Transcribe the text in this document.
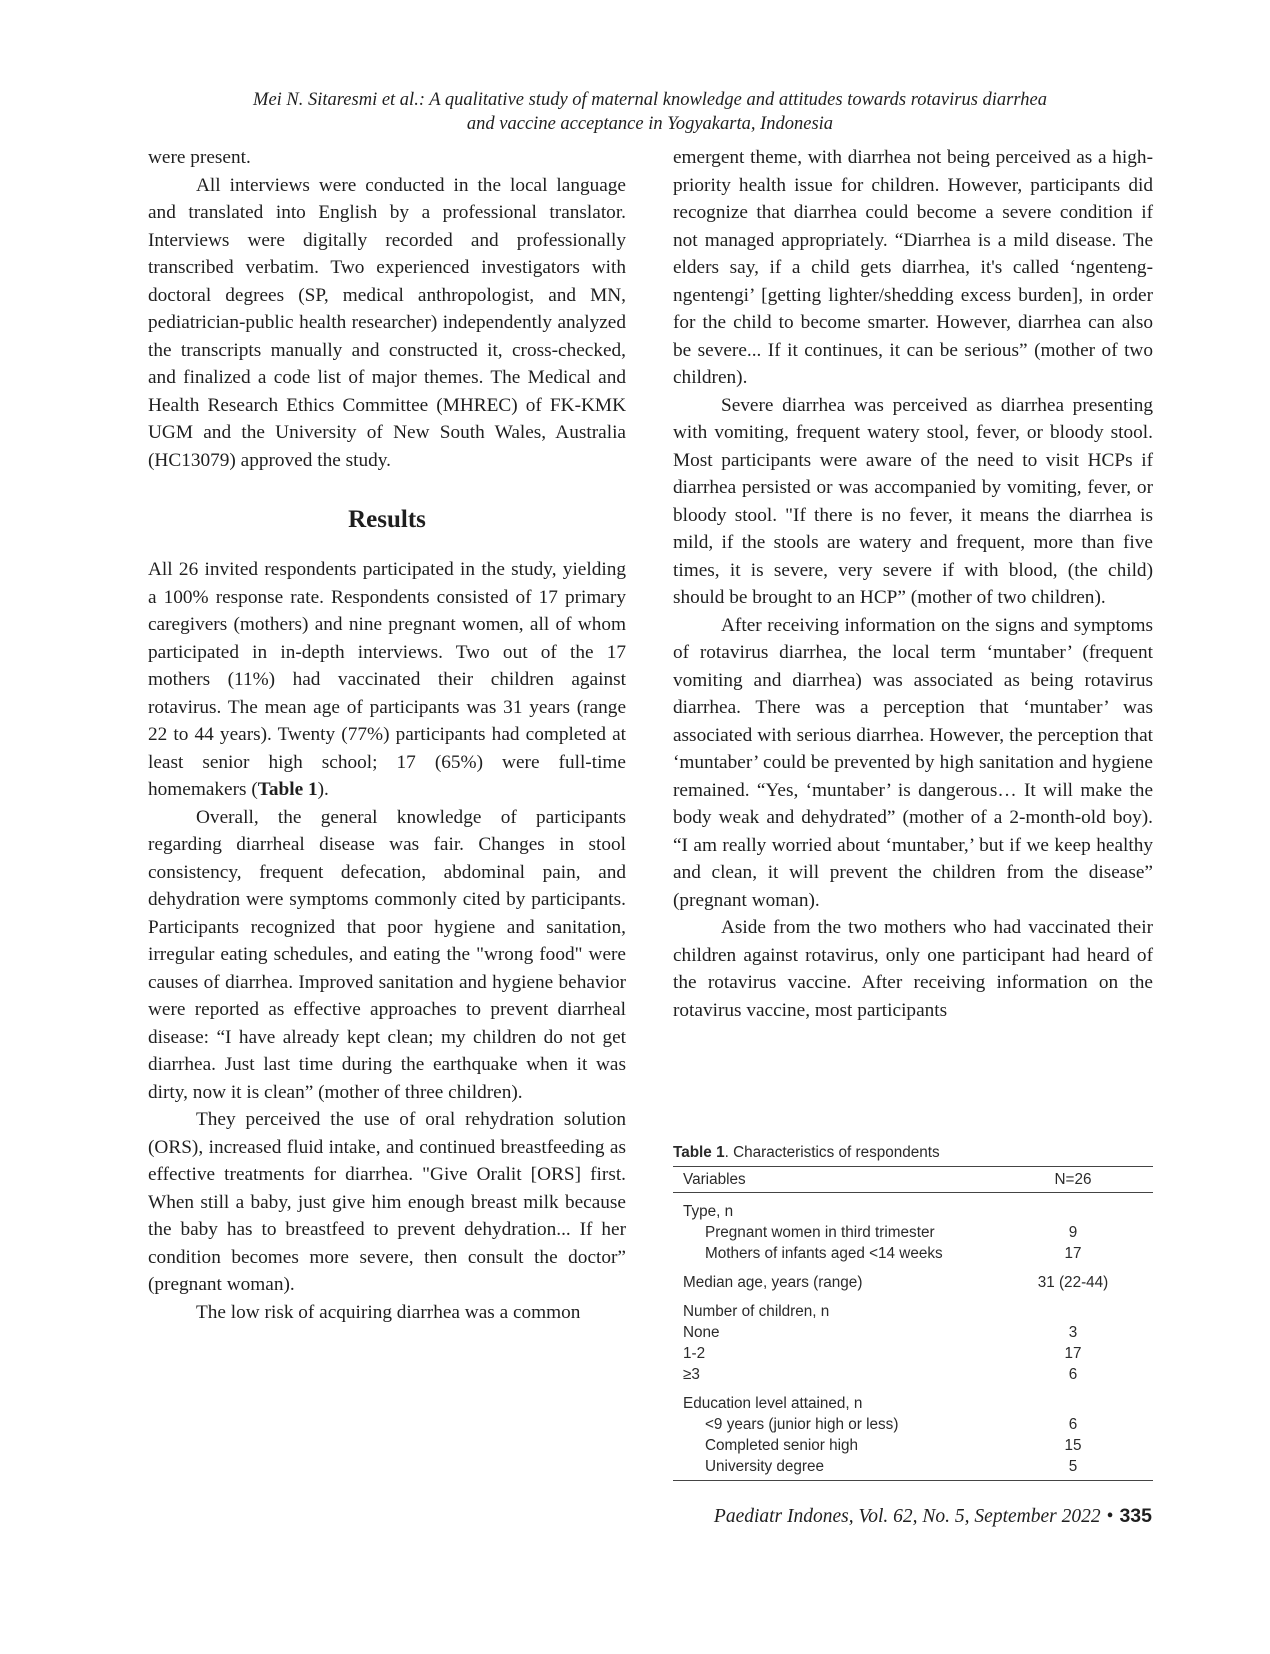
Mei N. Sitaresmi et al.: A qualitative study of maternal knowledge and attitudes towards rotavirus diarrhea
and vaccine acceptance in Yogyakarta, Indonesia

were present.

All interviews were conducted in the local language and translated into English by a professional translator. Interviews were digitally recorded and professionally transcribed verbatim. Two experienced investigators with doctoral degrees (SP, medical anthropologist, and MN, pediatrician-public health researcher) independently analyzed the transcripts manually and constructed it, cross-checked, and finalized a code list of major themes. The Medical and Health Research Ethics Committee (MHREC) of FK-KMK UGM and the University of New South Wales, Australia (HC13079) approved the study.

Results

All 26 invited respondents participated in the study, yielding a 100% response rate. Respondents consisted of 17 primary caregivers (mothers) and nine pregnant women, all of whom participated in in-depth interviews. Two out of the 17 mothers (11%) had vaccinated their children against rotavirus. The mean age of participants was 31 years (range 22 to 44 years). Twenty (77%) participants had completed at least senior high school; 17 (65%) were full-time homemakers (Table 1).

Overall, the general knowledge of participants regarding diarrheal disease was fair. Changes in stool consistency, frequent defecation, abdominal pain, and dehydration were symptoms commonly cited by participants. Participants recognized that poor hygiene and sanitation, irregular eating schedules, and eating the "wrong food" were causes of diarrhea. Improved sanitation and hygiene behavior were reported as effective approaches to prevent diarrheal disease: “I have already kept clean; my children do not get diarrhea. Just last time during the earthquake when it was dirty, now it is clean” (mother of three children).

They perceived the use of oral rehydration solution (ORS), increased fluid intake, and continued breastfeeding as effective treatments for diarrhea. "Give Oralit [ORS] first. When still a baby, just give him enough breast milk because the baby has to breastfeed to prevent dehydration... If her condition becomes more severe, then consult the doctor” (pregnant woman).

The low risk of acquiring diarrhea was a common

emergent theme, with diarrhea not being perceived as a high-priority health issue for children. However, participants did recognize that diarrhea could become a severe condition if not managed appropriately. “Diarrhea is a mild disease. The elders say, if a child gets diarrhea, it's called ‘ngenteng-ngentengi’ [getting lighter/shedding excess burden], in order for the child to become smarter. However, diarrhea can also be severe... If it continues, it can be serious” (mother of two children).

Severe diarrhea was perceived as diarrhea presenting with vomiting, frequent watery stool, fever, or bloody stool. Most participants were aware of the need to visit HCPs if diarrhea persisted or was accompanied by vomiting, fever, or bloody stool. "If there is no fever, it means the diarrhea is mild, if the stools are watery and frequent, more than five times, it is severe, very severe if with blood, (the child) should be brought to an HCP” (mother of two children).

After receiving information on the signs and symptoms of rotavirus diarrhea, the local term ‘muntaber’ (frequent vomiting and diarrhea) was associated as being rotavirus diarrhea. There was a perception that ‘muntaber’ was associated with serious diarrhea. However, the perception that ‘muntaber’ could be prevented by high sanitation and hygiene remained. “Yes, ‘muntaber’ is dangerous… It will make the body weak and dehydrated” (mother of a 2-month-old boy). “I am really worried about ‘muntaber,’ but if we keep healthy and clean, it will prevent the children from the disease” (pregnant woman).

Aside from the two mothers who had vaccinated their children against rotavirus, only one participant had heard of the rotavirus vaccine. After receiving information on the rotavirus vaccine, most participants

Table 1. Characteristics of respondents
Variables	N=26
Type, n	
Pregnant women in third trimester	9
Mothers of infants aged <14 weeks	17
Median age, years (range)	31 (22-44)
Number of children, n	
None	3
1-2	17
≥3	6
Education level attained, n	
<9 years (junior high or less)	6
Completed senior high	15
University degree	5
Paediatr Indones, Vol. 62, No. 5, September 2022 • 335
